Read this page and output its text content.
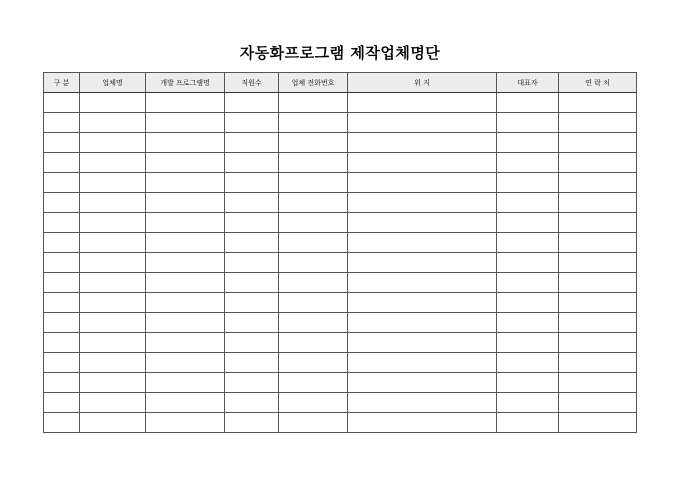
자동화프로그램 제작업체명단
구 분	업체명	개발 프로그램명	직원수	업체 전화번호	위 지	대표자	연 락 처
